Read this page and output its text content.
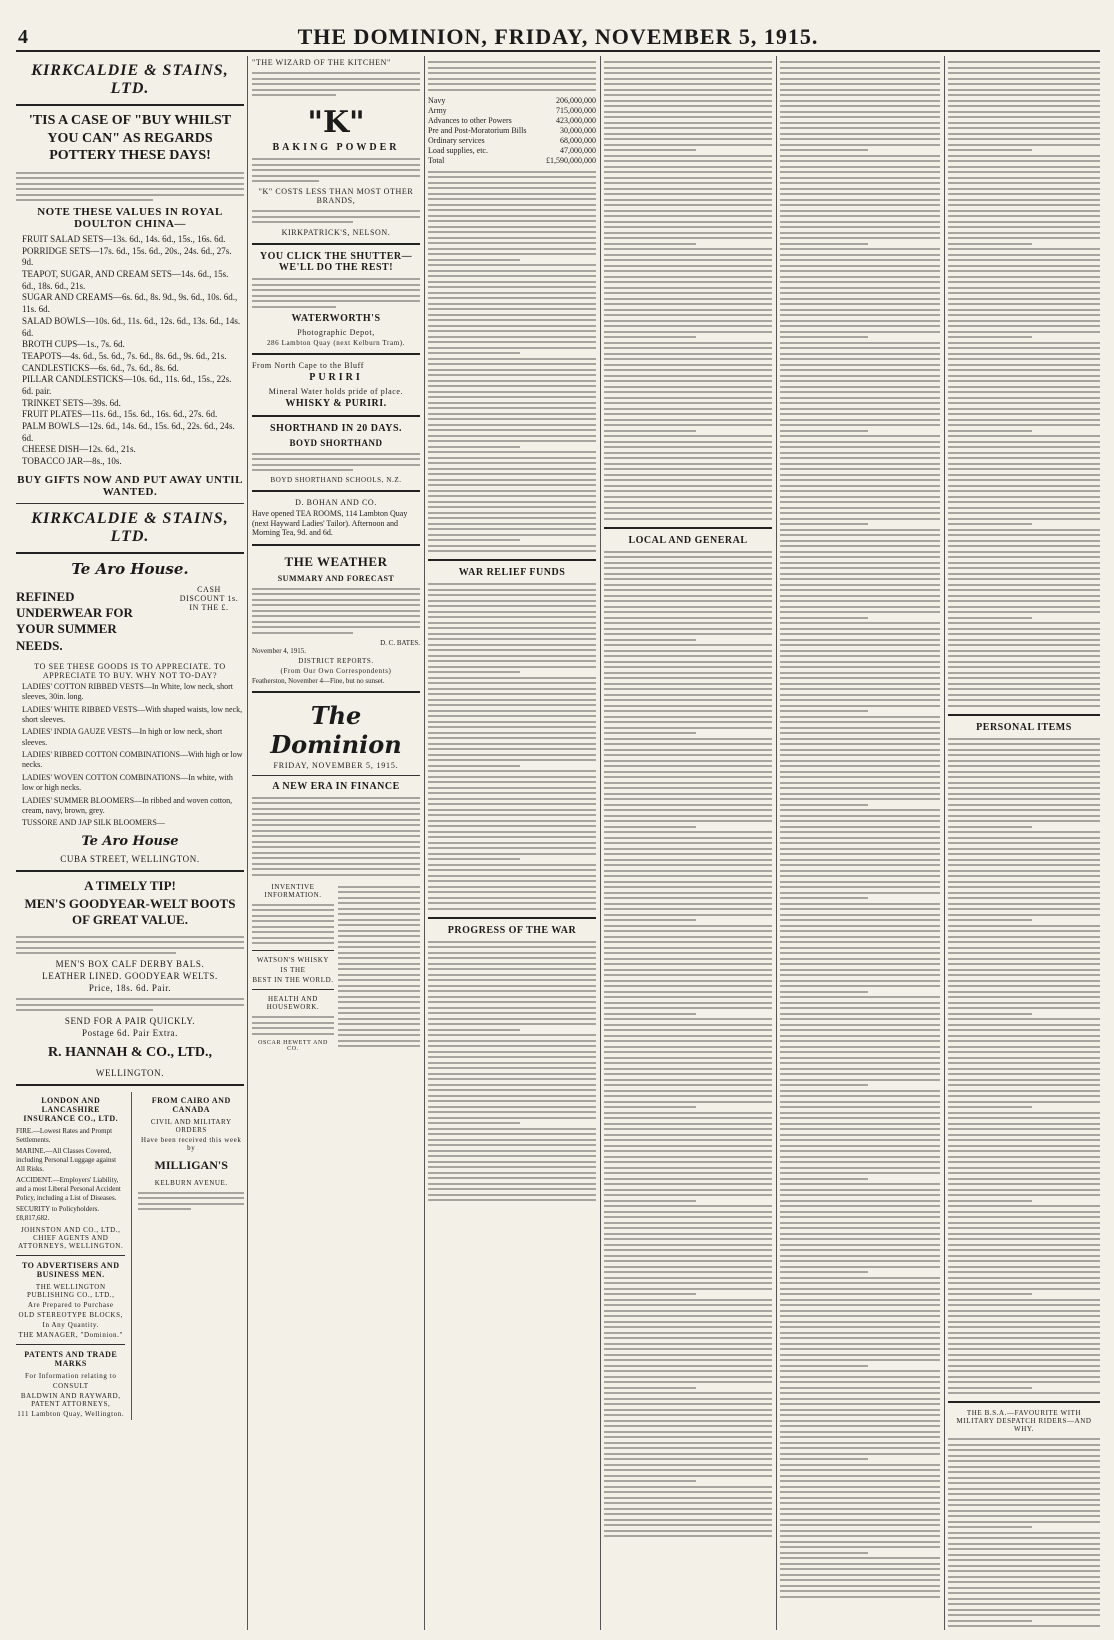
4	THE DOMINION, FRIDAY, NOVEMBER 5, 1915.
KIRKCALDIE & STAINS, LTD.
'TIS A CASE OF "BUY WHILST YOU CAN" AS REGARDS POTTERY THESE DAYS!
NOTE THESE VALUES IN ROYAL DOULTON CHINA—
FRUIT SALAD SETS—13s. 6d., 14s. 6d., 15s., 16s. 6d.
PORRIDGE SETS—17s. 6d., 15s. 6d., 20s., 24s. 6d., 27s. 9d.
TEAPOT, SUGAR, AND CREAM SETS—14s. 6d., 15s. 6d., 18s. 6d., 21s.
SUGAR AND CREAMS—6s. 6d., 8s. 9d., 9s. 6d., 10s. 6d., 11s. 6d.
SALAD BOWLS—10s. 6d., 11s. 6d., 12s. 6d., 13s. 6d., 14s. 6d.
BROTH CUPS—1s., 7s. 6d.
TEAPOTS—4s. 6d., 5s. 6d., 7s. 6d., 8s. 6d., 9s. 6d., 21s.
CANDLESTICKS—6s. 6d., 7s. 6d., 8s. 6d.
PILLAR CANDLESTICKS—10s. 6d., 11s. 6d., 15s., 22s. 6d. pair.
TRINKET SETS—39s. 6d.
FRUIT PLATES—11s. 6d., 15s. 6d., 16s. 6d., 27s. 6d.
PALM BOWLS—12s. 6d., 14s. 6d., 15s. 6d., 22s. 6d., 24s. 6d.
CHEESE DISH—12s. 6d., 21s.
TOBACCO JAR—8s., 10s.
BUY GIFTS NOW AND PUT AWAY UNTIL WANTED.
KIRKCALDIE & STAINS, LTD.
Te Aro House.
REFINED UNDERWEAR FOR YOUR SUMMER NEEDS.
CASH DISCOUNT 1s. IN THE £.
TO SEE THESE GOODS IS TO APPRECIATE. TO APPRECIATE TO BUY. WHY NOT TO-DAY?
LADIES' COTTON RIBBED VESTS—In White, low neck, short sleeves, 30in. long.
LADIES' WHITE RIBBED VESTS—With shaped waists, low neck, short sleeves.
LADIES' INDIA GAUZE VESTS—In high or low neck, short sleeves.
LADIES' RIBBED COTTON COMBINATIONS—With high or low necks.
LADIES' WOVEN COTTON COMBINATIONS—In white, with low or high necks.
LADIES' SUMMER BLOOMERS—In ribbed and woven cotton, cream, navy, brown, grey.
TUSSORE AND JAP SILK BLOOMERS—
Te Aro House
CUBA STREET, WELLINGTON.
A TIMELY TIP!
MEN'S GOODYEAR-WELT BOOTS OF GREAT VALUE.
MEN'S BOX CALF DERBY BALS.
LEATHER LINED. GOODYEAR WELTS.
Price, 18s. 6d. Pair.
SEND FOR A PAIR QUICKLY.
Postage 6d. Pair Extra.
R. HANNAH & CO., LTD.,
WELLINGTON.
LONDON AND LANCASHIRE INSURANCE CO., LTD.
FIRE.—Lowest Rates and Prompt Settlements.
MARINE.—All Classes Covered, including Personal Luggage against All Risks.
ACCIDENT.—Employers' Liability, and a most Liberal Personal Accident Policy, including a List of Diseases.
SECURITY to Policyholders. £8,817,682.
JOHNSTON AND CO., LTD., CHIEF AGENTS AND ATTORNEYS, WELLINGTON.
TO ADVERTISERS AND BUSINESS MEN.
THE WELLINGTON PUBLISHING CO., LTD.,
Are Prepared to Purchase
OLD STEREOTYPE BLOCKS,
In Any Quantity.
THE MANAGER, "Dominion."
PATENTS AND TRADE MARKS
For Information relating to
CONSULT
BALDWIN AND RAYWARD, PATENT ATTORNEYS,
111 Lambton Quay, Wellington.
FROM CAIRO AND CANADA
CIVIL AND MILITARY ORDERS
Have been received this week by
MILLIGAN'S
KELBURN AVENUE.
"THE WIZARD OF THE KITCHEN"
"K"
BAKING POWDER
"K" COSTS LESS THAN MOST OTHER BRANDS,
KIRKPATRICK'S, NELSON.
YOU CLICK THE SHUTTER—WE'LL DO THE REST!
WATERWORTH'S
Photographic Depot,
286 Lambton Quay (next Kelburn Tram).
From North Cape to the Bluff
PURIRI
Mineral Water holds pride of place.
WHISKY & PURIRI.
SHORTHAND IN 20 DAYS.
BOYD SHORTHAND
BOYD SHORTHAND SCHOOLS, N.Z.
D. BOHAN AND CO.
Have opened TEA ROOMS, 114 Lambton Quay (next Hayward Ladies' Tailor). Afternoon and Morning Tea, 9d. and 6d.
THE WEATHER
SUMMARY AND FORECAST
D. C. BATES.
November 4, 1915.
DISTRICT REPORTS.
(From Our Own Correspondents)
Featherston, November 4—Fine, but no sunset.
The Dominion
FRIDAY, NOVEMBER 5, 1915.
A NEW ERA IN FINANCE
INVENTIVE INFORMATION.
WATSON'S WHISKY
IS THE
BEST IN THE WORLD.
HEALTH AND HOUSEWORK.
OSCAR HEWETT AND CO.
Navy	206,000,000
Army	715,000,000
Advances to other Powers	423,000,000
Pre and Post-Moratorium Bills	30,000,000
Ordinary services	68,000,000
Load supplies, etc.	47,000,000
Total	£1,590,000,000
WAR RELIEF FUNDS
PROGRESS OF THE WAR
LOCAL AND GENERAL
PERSONAL ITEMS
THE B.S.A.—FAVOURITE WITH MILITARY DESPATCH RIDERS—AND WHY.
